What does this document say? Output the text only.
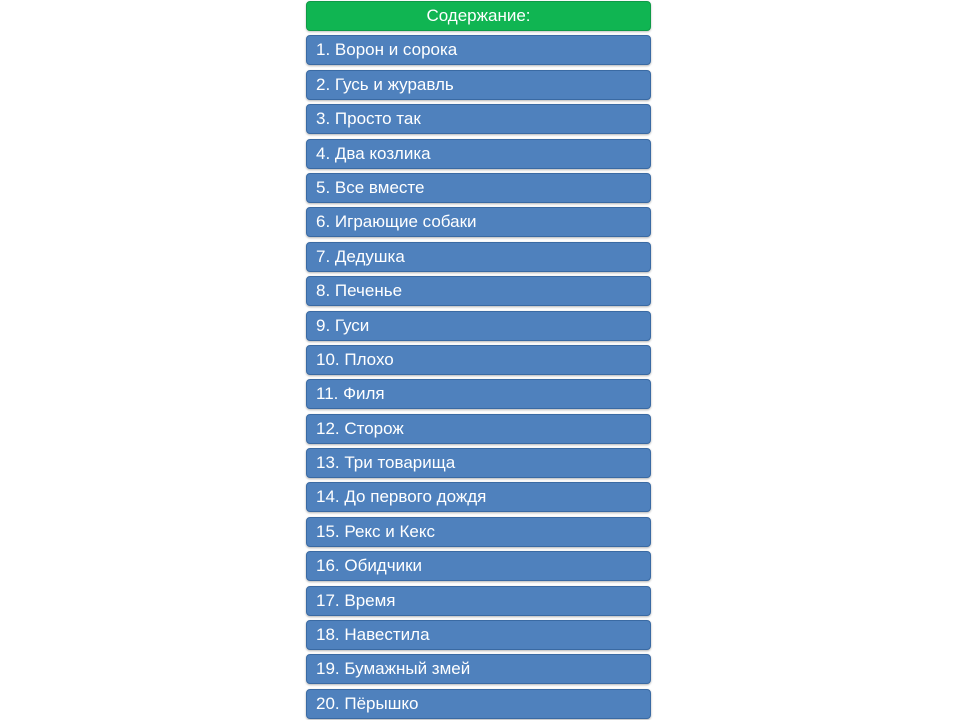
Содержание:
1. Ворон и сорока
2. Гусь и журавль
3. Просто так
4. Два козлика
5. Все вместе
6. Играющие собаки
7. Дедушка
8. Печенье
9. Гуси
10. Плохо
11. Филя
12. Сторож
13. Три товарища
14. До первого дождя
15. Рекс и Кекс
16. Обидчики
17. Время
18. Навестила
19. Бумажный змей
20. Пёрышко
